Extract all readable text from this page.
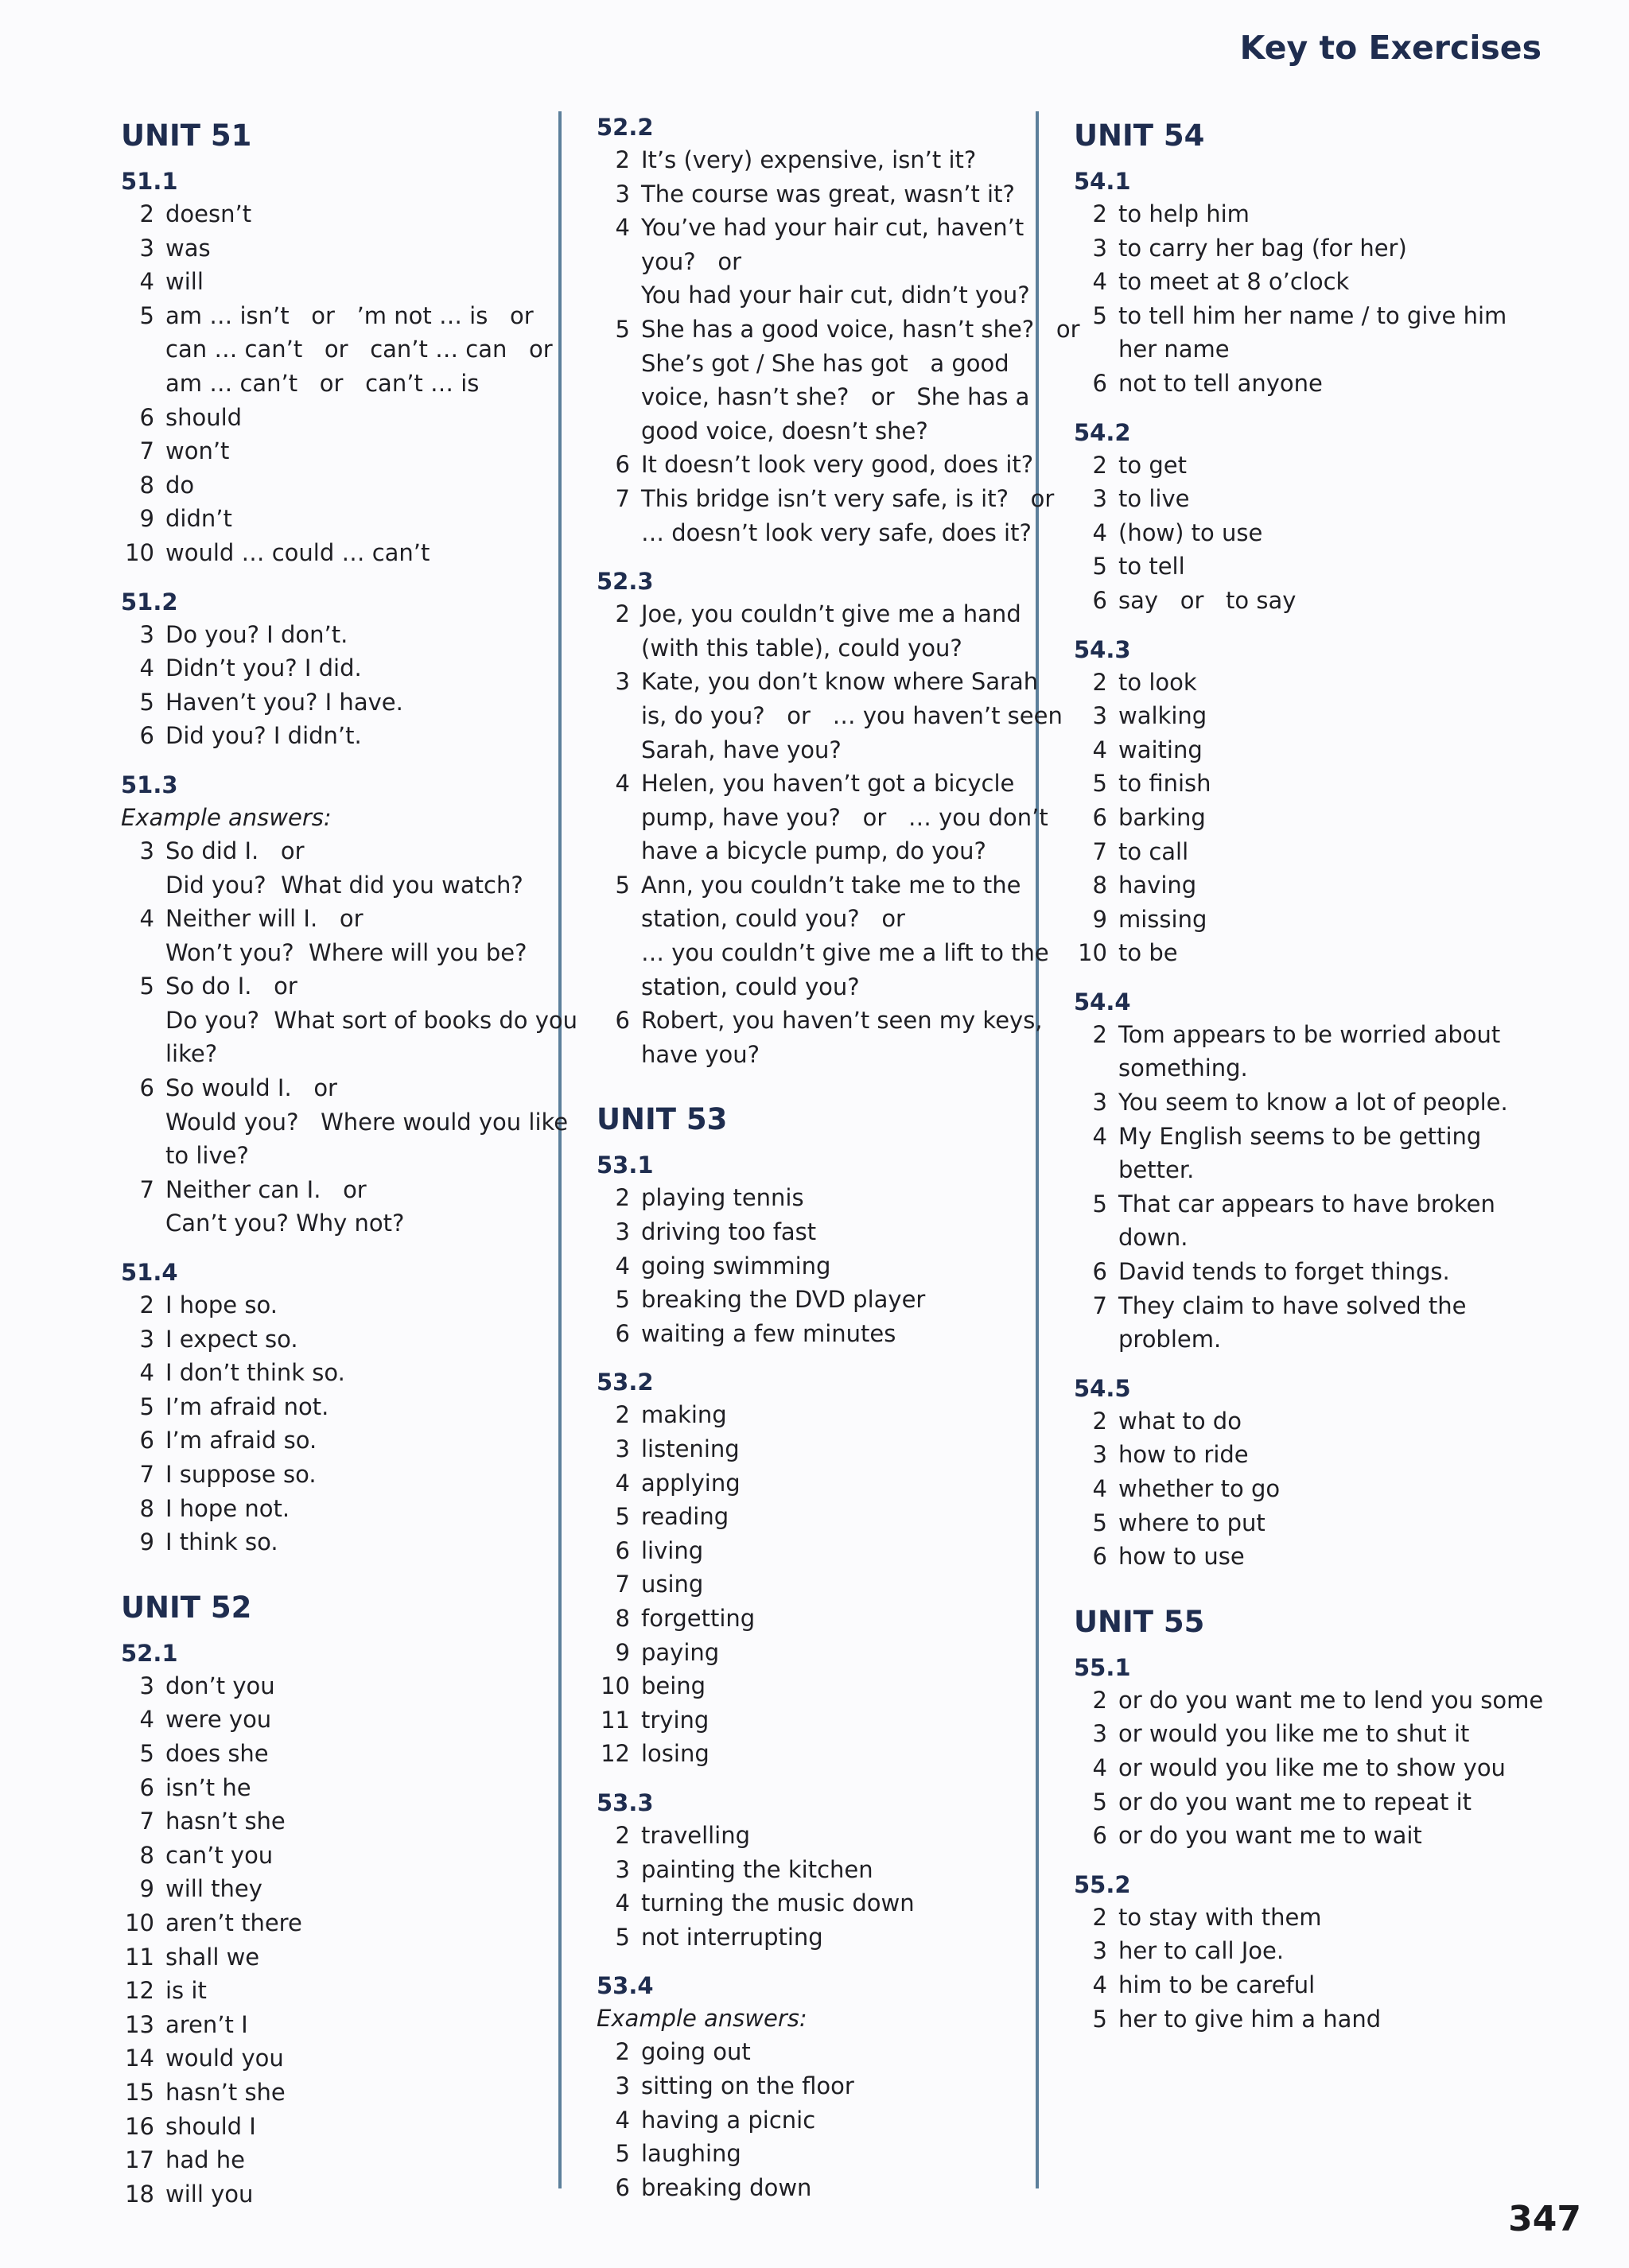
Key to Exercises
UNIT 51
51.1
2 doesn’t
3 was
4 will
5 am … isn’t   or   ’m not … is   or
can … can’t   or   can’t … can   or
am … can’t   or   can’t … is
6 should
7 won’t
8 do
9 didn’t
10 would … could … can’t
51.2
3 Do you? I don’t.
4 Didn’t you? I did.
5 Haven’t you? I have.
6 Did you? I didn’t.
51.3
Example answers:
3 So did I.   or
Did you?  What did you watch?
4 Neither will I.   or
Won’t you?  Where will you be?
5 So do I.   or
Do you?  What sort of books do you
like?
6 So would I.   or
Would you?   Where would you like
to live?
7 Neither can I.   or
Can’t you? Why not?
51.4
2 I hope so.
3 I expect so.
4 I don’t think so.
5 I’m afraid not.
6 I’m afraid so.
7 I suppose so.
8 I hope not.
9 I think so.
UNIT 52
52.1
3 don’t you
4 were you
5 does she
6 isn’t he
7 hasn’t she
8 can’t you
9 will they
10 aren’t there
11 shall we
12 is it
13 aren’t I
14 would you
15 hasn’t she
16 should I
17 had he
18 will you
52.2
2 It’s (very) expensive, isn’t it?
3 The course was great, wasn’t it?
4 You’ve had your hair cut, haven’t
you?   or
You had your hair cut, didn’t you?
5 She has a good voice, hasn’t she?   or
She’s got / She has got   a good
voice, hasn’t she?   or   She has a
good voice, doesn’t she?
6 It doesn’t look very good, does it?
7 This bridge isn’t very safe, is it?   or
… doesn’t look very safe, does it?
52.3
2 Joe, you couldn’t give me a hand
(with this table), could you?
3 Kate, you don’t know where Sarah
is, do you?   or   … you haven’t seen
Sarah, have you?
4 Helen, you haven’t got a bicycle
pump, have you?   or   … you don’t
have a bicycle pump, do you?
5 Ann, you couldn’t take me to the
station, could you?   or
… you couldn’t give me a lift to the
station, could you?
6 Robert, you haven’t seen my keys,
have you?
UNIT 53
53.1
2 playing tennis
3 driving too fast
4 going swimming
5 breaking the DVD player
6 waiting a few minutes
53.2
2 making
3 listening
4 applying
5 reading
6 living
7 using
8 forgetting
9 paying
10 being
11 trying
12 losing
53.3
2 travelling
3 painting the kitchen
4 turning the music down
5 not interrupting
53.4
Example answers:
2 going out
3 sitting on the floor
4 having a picnic
5 laughing
6 breaking down
UNIT 54
54.1
2 to help him
3 to carry her bag (for her)
4 to meet at 8 o’clock
5 to tell him her name / to give him
her name
6 not to tell anyone
54.2
2 to get
3 to live
4 (how) to use
5 to tell
6 say   or   to say
54.3
2 to look
3 walking
4 waiting
5 to finish
6 barking
7 to call
8 having
9 missing
10 to be
54.4
2 Tom appears to be worried about
something.
3 You seem to know a lot of people.
4 My English seems to be getting
better.
5 That car appears to have broken
down.
6 David tends to forget things.
7 They claim to have solved the
problem.
54.5
2 what to do
3 how to ride
4 whether to go
5 where to put
6 how to use
UNIT 55
55.1
2 or do you want me to lend you some
3 or would you like me to shut it
4 or would you like me to show you
5 or do you want me to repeat it
6 or do you want me to wait
55.2
2 to stay with them
3 her to call Joe.
4 him to be careful
5 her to give him a hand
347
